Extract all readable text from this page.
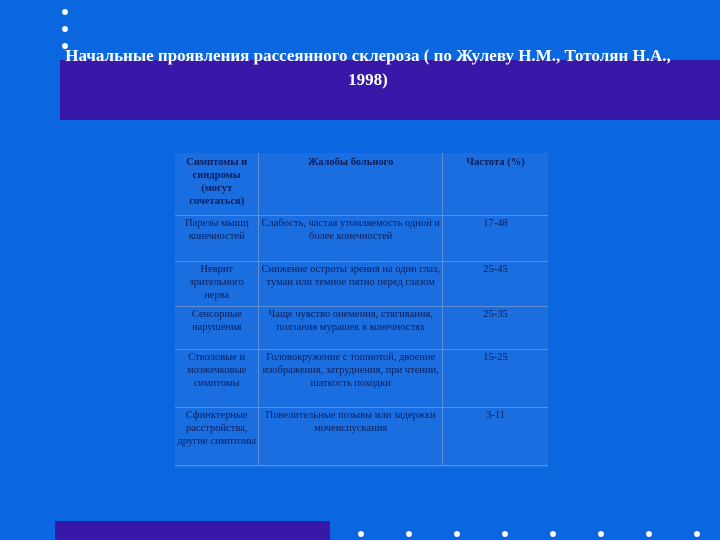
Начальные проявления рассеянного склероза ( по Жулеву Н.М., Тотолян Н.А., 1998)
Симптомы и синдромы (могут сочетаться)	Жалобы больного	Частота (%)
Парезы мышц конечностей	Слабость, частая утомляемость одной и более конечностей	17-48
Неврит зрительного нерва	Снижение остроты зрения на один глаз, туман или темное пятно перед глазом	25-45
Сенсорные нарушения	Чаще чувство онемения, стягивания, ползания мурашек в конечностях	25-35
Стволовые и мозжечковые симптомы	Головокружение с тошнотой, двоение изображения, затруднения, при чтении, шаткость походки	15-25
Сфинктерные расстройства, другие симптомы	Повелительные позывы или задержки мочеиспускания	3-11
